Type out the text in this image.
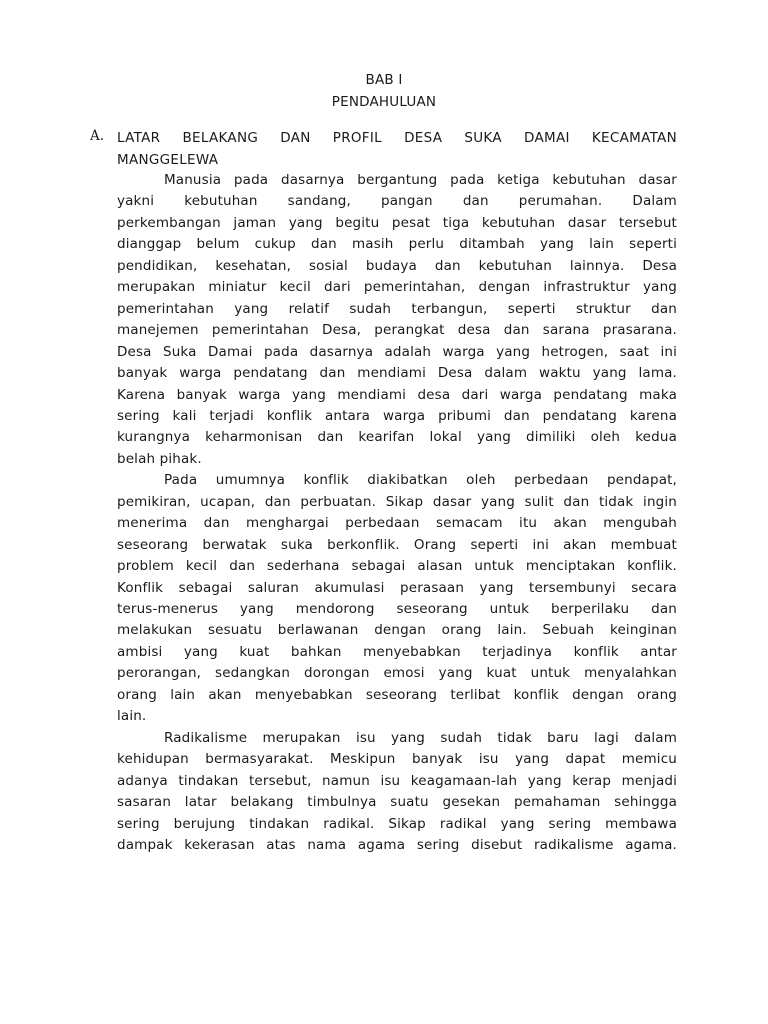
BAB I
PENDAHULUAN
A. LATAR BELAKANG DAN PROFIL DESA SUKA DAMAI KECAMATAN
MANGGELEWA
Manusia pada dasarnya bergantung pada ketiga kebutuhan dasar
yakni kebutuhan sandang, pangan dan perumahan. Dalam
perkembangan jaman yang begitu pesat tiga kebutuhan dasar tersebut
dianggap belum cukup dan masih perlu ditambah yang lain seperti
pendidikan, kesehatan, sosial budaya dan kebutuhan lainnya. Desa
merupakan miniatur kecil dari pemerintahan, dengan infrastruktur yang
pemerintahan yang relatif sudah terbangun, seperti struktur dan
manejemen pemerintahan Desa, perangkat desa dan sarana prasarana.
Desa Suka Damai pada dasarnya adalah warga yang hetrogen, saat ini
banyak warga pendatang dan mendiami Desa dalam waktu yang lama.
Karena banyak warga yang mendiami desa dari warga pendatang maka
sering kali terjadi konflik antara warga pribumi dan pendatang karena
kurangnya keharmonisan dan kearifan lokal yang dimiliki oleh kedua
belah pihak.
Pada umumnya konflik diakibatkan oleh perbedaan pendapat,
pemikiran, ucapan, dan perbuatan. Sikap dasar yang sulit dan tidak ingin
menerima dan menghargai perbedaan semacam itu akan mengubah
seseorang berwatak suka berkonflik. Orang seperti ini akan membuat
problem kecil dan sederhana sebagai alasan untuk menciptakan konflik.
Konflik sebagai saluran akumulasi perasaan yang tersembunyi secara
terus-menerus yang mendorong seseorang untuk berperilaku dan
melakukan sesuatu berlawanan dengan orang lain. Sebuah keinginan
ambisi yang kuat bahkan menyebabkan terjadinya konflik antar
perorangan, sedangkan dorongan emosi yang kuat untuk menyalahkan
orang lain akan menyebabkan seseorang terlibat konflik dengan orang
lain.
Radikalisme merupakan isu yang sudah tidak baru lagi dalam
kehidupan bermasyarakat. Meskipun banyak isu yang dapat memicu
adanya tindakan tersebut, namun isu keagamaan-lah yang kerap menjadi
sasaran latar belakang timbulnya suatu gesekan pemahaman sehingga
sering berujung tindakan radikal. Sikap radikal yang sering membawa
dampak kekerasan atas nama agama sering disebut radikalisme agama.
